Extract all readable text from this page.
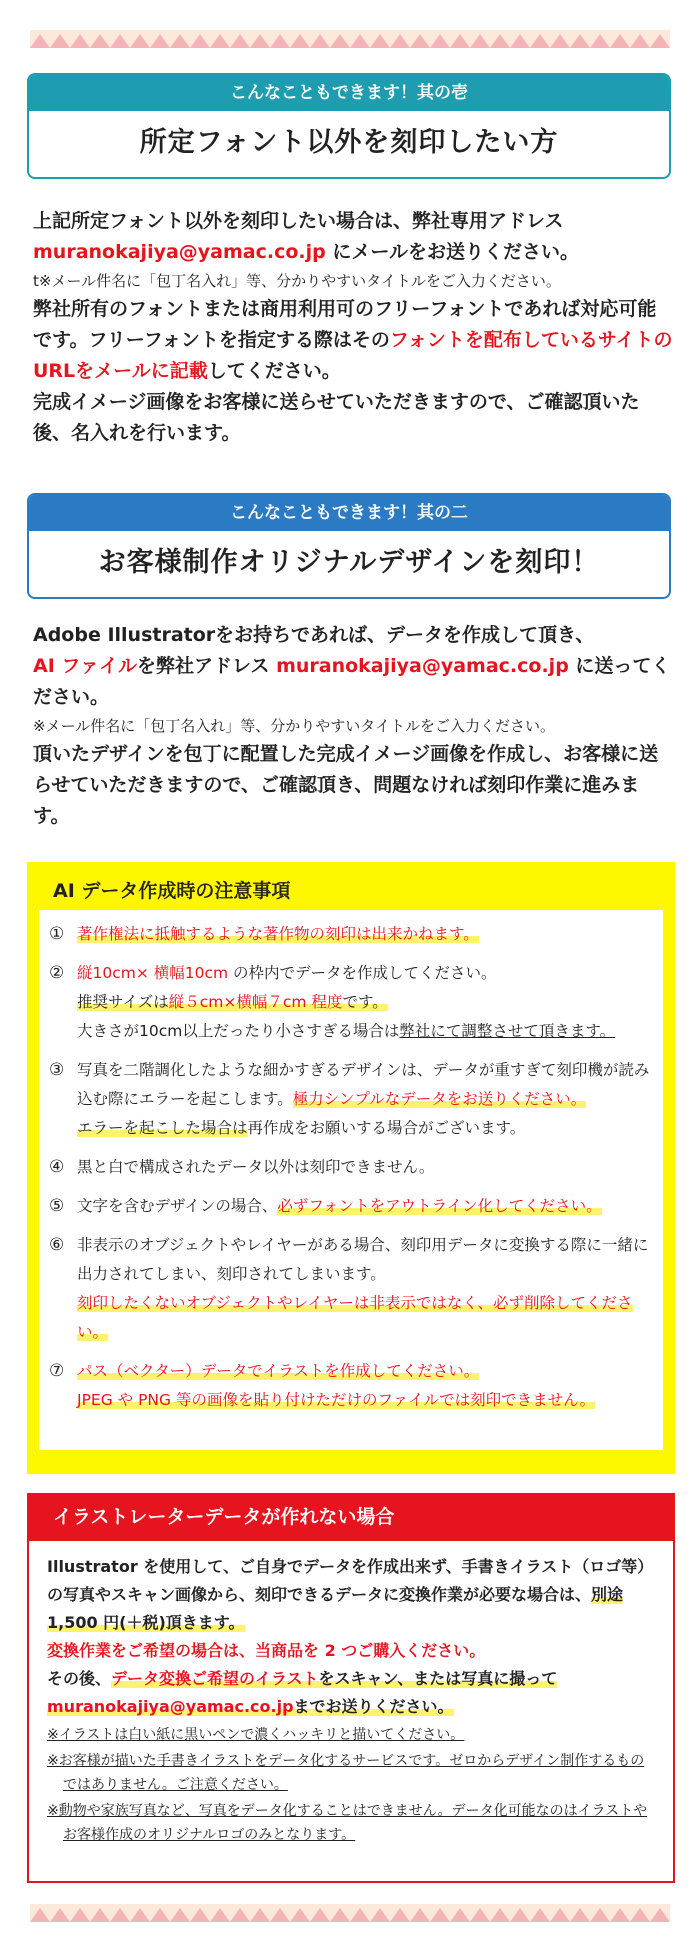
こんなこともできます！其の壱
所定フォント以外を刻印したい方
上記所定フォント以外を刻印したい場合は、弊社専用アドレス
muranokajiya@yamac.co.jp にメールをお送りください。
t※メール件名に「包丁名入れ」等、分かりやすいタイトルをご入力ください。
弊社所有のフォントまたは商用利用可のフリーフォントであれば対応可能です。フリーフォントを指定する際はそのフォントを配布しているサイトのURLをメールに記載してください。
完成イメージ画像をお客様に送らせていただきますので、ご確認頂いた後、名入れを行います。
こんなこともできます！其の二
お客様制作オリジナルデザインを刻印！
Adobe Illustratorをお持ちであれば、データを作成して頂き、
AI ファイルを弊社アドレス muranokajiya@yamac.co.jp に送ってください。
※メール件名に「包丁名入れ」等、分かりやすいタイトルをご入力ください。
頂いたデザインを包丁に配置した完成イメージ画像を作成し、お客様に送らせていただきますので、ご確認頂き、問題なければ刻印作業に進みます。
AI データ作成時の注意事項
① 著作権法に抵触するような著作物の刻印は出来かねます。
② 縦10cm× 横幅10cm の枠内でデータを作成してください。
推奨サイズは縦５cm×横幅７cm 程度です。
大きさが10cm以上だったり小さすぎる場合は弊社にて調整させて頂きます。
③ 写真を二階調化したような細かすぎるデザインは、データが重すぎて刻印機が読み込む際にエラーを起こします。極力シンプルなデータをお送りください。
エラーを起こした場合は再作成をお願いする場合がございます。
④ 黒と白で構成されたデータ以外は刻印できません。
⑤ 文字を含むデザインの場合、必ずフォントをアウトライン化してください。
⑥ 非表示のオブジェクトやレイヤーがある場合、刻印用データに変換する際に一緒に出力されてしまい、刻印されてしまいます。
刻印したくないオブジェクトやレイヤーは非表示ではなく、必ず削除してください。
⑦ パス（ベクター）データでイラストを作成してください。
JPEG や PNG 等の画像を貼り付けただけのファイルでは刻印できません。
イラストレーターデータが作れない場合
Illustrator を使用して、ご自身でデータを作成出来ず、手書きイラスト（ロゴ等）の写真やスキャン画像から、刻印できるデータに変換作業が必要な場合は、別途 1,500 円(＋税)頂きます。
変換作業をご希望の場合は、当商品を 2 つご購入ください。
その後、データ変換ご希望のイラストをスキャン、または写真に撮って
muranokajiya@yamac.co.jpまでお送りください。
※イラストは白い紙に黒いペンで濃くハッキリと描いてください。
※お客様が描いた手書きイラストをデータ化するサービスです。ゼロからデザイン制作するものではありません。ご注意ください。
※動物や家族写真など、写真をデータ化することはできません。データ化可能なのはイラストやお客様作成のオリジナルロゴのみとなります。
